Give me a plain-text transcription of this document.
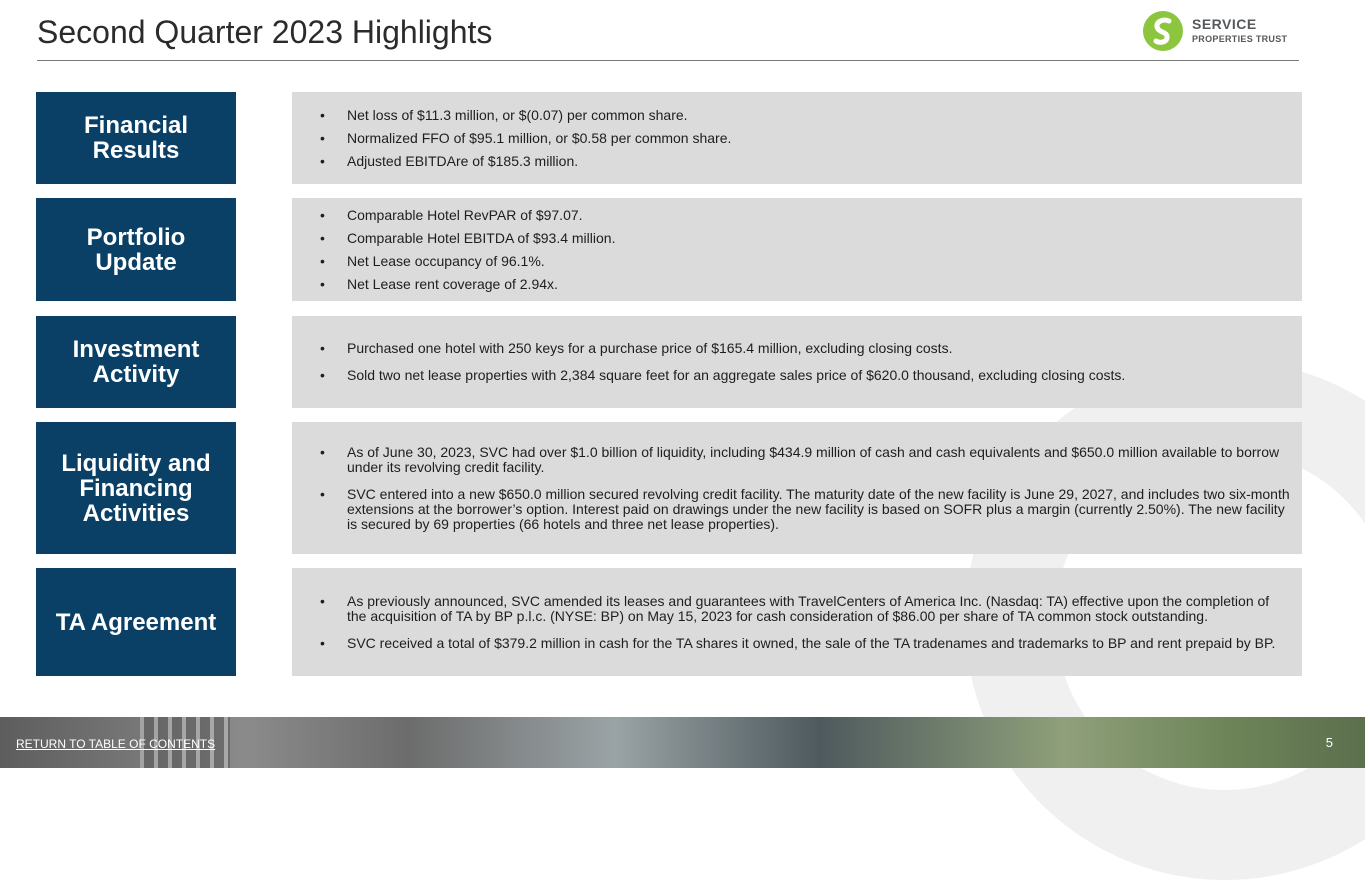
Second Quarter 2023 Highlights	SERVICE
PROPERTIES TRUST
Financial
Results
• Net loss of $11.3 million, or $(0.07) per common share.
• Normalized FFO of $95.1 million, or $0.58 per common share.
• Adjusted EBITDAre of $185.3 million.
Portfolio
Update
• Comparable Hotel RevPAR of $97.07.
• Comparable Hotel EBITDA of $93.4 million.
• Net Lease occupancy of 96.1%.
• Net Lease rent coverage of 2.94x.
Investment
Activity
• Purchased one hotel with 250 keys for a purchase price of $165.4 million, excluding closing costs.
• Sold two net lease properties with 2,384 square feet for an aggregate sales price of $620.0 thousand, excluding closing costs.
Liquidity and
Financing
Activities
• As of June 30, 2023, SVC had over $1.0 billion of liquidity, including $434.9 million of cash and cash equivalents and $650.0 million available to borrow under its revolving credit facility.
• SVC entered into a new $650.0 million secured revolving credit facility. The maturity date of the new facility is June 29, 2027, and includes two six-month extensions at the borrower’s option. Interest paid on drawings under the new facility is based on SOFR plus a margin (currently 2.50%). The new facility is secured by 69 properties (66 hotels and three net lease properties).
TA Agreement
• As previously announced, SVC amended its leases and guarantees with TravelCenters of America Inc. (Nasdaq: TA) effective upon the completion of the acquisition of TA by BP p.l.c. (NYSE: BP) on May 15, 2023 for cash consideration of $86.00 per share of TA common stock outstanding.
• SVC received a total of $379.2 million in cash for the TA shares it owned, the sale of the TA tradenames and trademarks to BP and rent prepaid by BP.
RETURN TO TABLE OF CONTENTS	5
